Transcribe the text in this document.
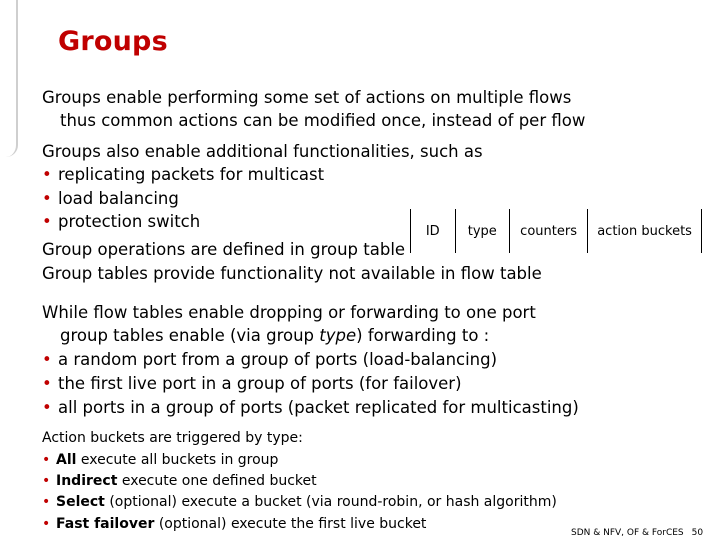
Groups
Groups enable performing some set of actions on multiple flows
thus common actions can be modified once, instead of per flow
Groups also enable additional functionalities, such as
• replicating packets for multicast
• load balancing
• protection switch	ID	type	counters	action buckets
Group operations are defined in group table
Group tables provide functionality not available in flow table
While flow tables enable dropping or forwarding to one port
group tables enable (via group type) forwarding to :
• a random port from a group of ports (load-balancing)
• the first live port in a group of ports (for failover)
• all ports in a group of ports (packet replicated for multicasting)
Action buckets are triggered by type:
• All execute all buckets in group
• Indirect execute one defined bucket
• Select (optional) execute a bucket (via round-robin, or hash algorithm)
• Fast failover (optional) execute the first live bucket
SDN & NFV, OF & ForCES 50
